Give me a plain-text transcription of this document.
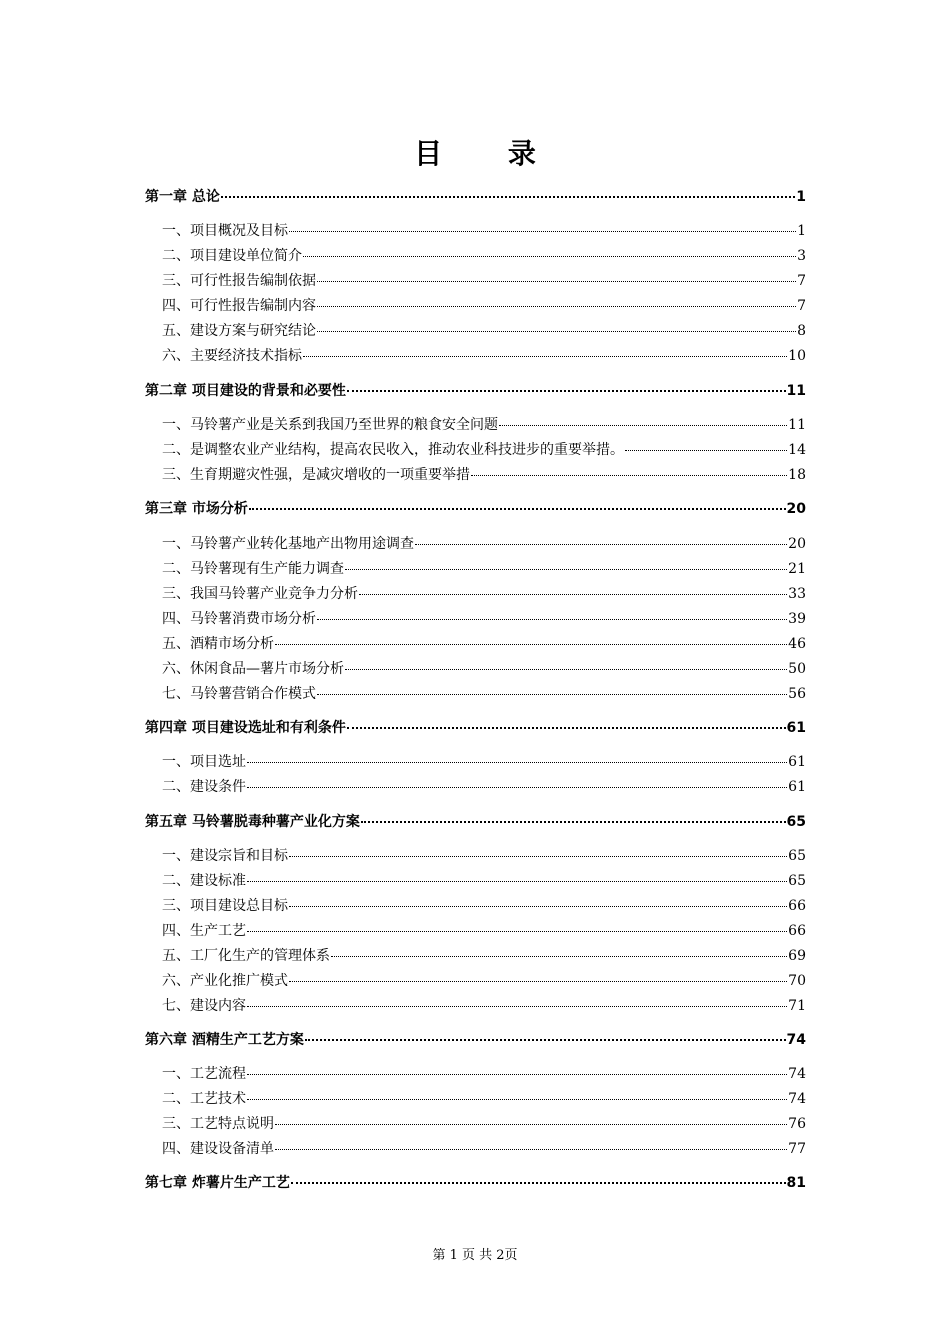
目 录
第一章 总论	1
一、项目概况及目标	1
二、项目建设单位简介	3
三、可行性报告编制依据	7
四、可行性报告编制内容	7
五、建设方案与研究结论	8
六、主要经济技术指标	10
第二章 项目建设的背景和必要性	11
一、马铃薯产业是关系到我国乃至世界的粮食安全问题	11
二、是调整农业产业结构，提高农民收入，推动农业科技进步的重要举措。	14
三、生育期避灾性强，是减灾增收的一项重要举措	18
第三章 市场分析	20
一、马铃薯产业转化基地产出物用途调查	20
二、马铃薯现有生产能力调查	21
三、我国马铃薯产业竞争力分析	33
四、马铃薯消费市场分析	39
五、酒精市场分析	46
六、休闲食品—薯片市场分析	50
七、马铃薯营销合作模式	56
第四章 项目建设选址和有利条件	61
一、项目选址	61
二、建设条件	61
第五章 马铃薯脱毒种薯产业化方案	65
一、建设宗旨和目标	65
二、建设标准	65
三、项目建设总目标	66
四、生产工艺	66
五、工厂化生产的管理体系	69
六、产业化推广模式	70
七、建设内容	71
第六章 酒精生产工艺方案	74
一、工艺流程	74
二、工艺技术	74
三、工艺特点说明	76
四、建设设备清单	77
第七章 炸薯片生产工艺	81
第 1 页 共 2页
